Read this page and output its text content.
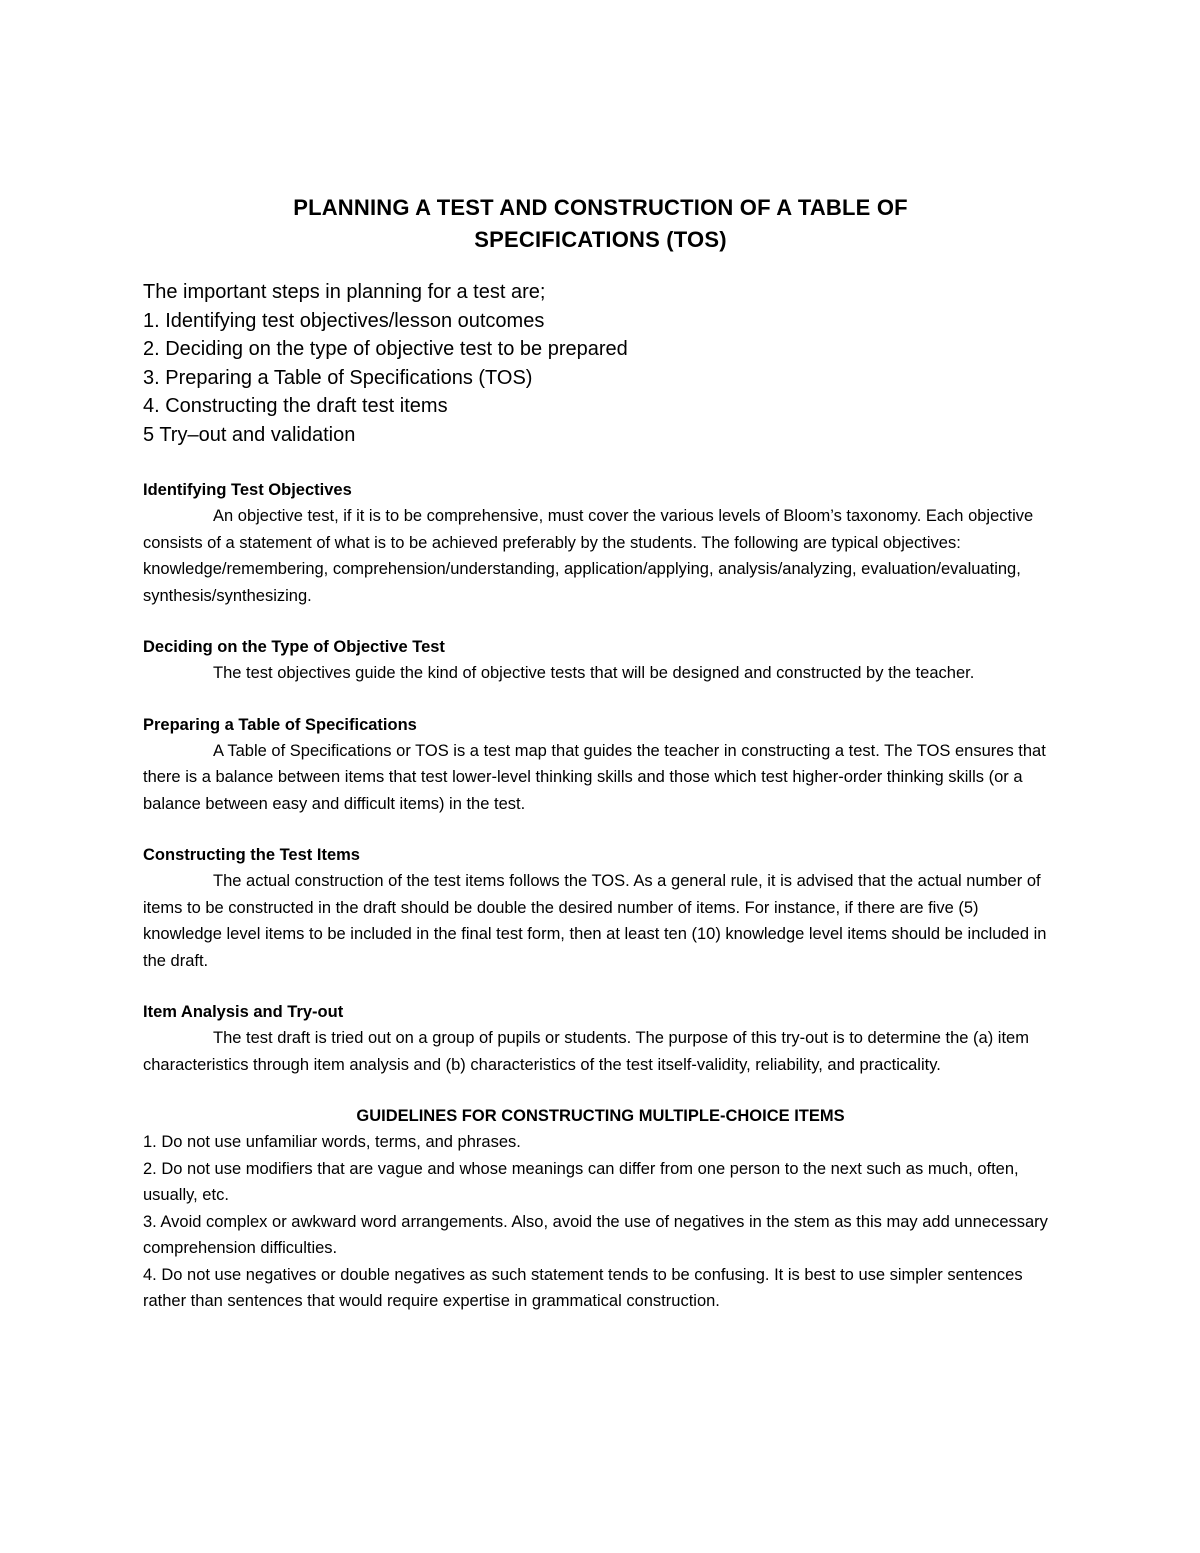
PLANNING A TEST AND CONSTRUCTION OF A TABLE OF
SPECIFICATIONS (TOS)
The important steps in planning for a test are;
1. Identifying test objectives/lesson outcomes
2. Deciding on the type of objective test to be prepared
3. Preparing a Table of Specifications (TOS)
4. Constructing the draft test items
5 Try–out and validation

Identifying Test Objectives

An objective test, if it is to be comprehensive, must cover the various levels of Bloom’s taxonomy. Each objective consists of a statement of what is to be achieved preferably by the students. The following are typical objectives: knowledge/remembering, comprehension/understanding, application/applying, analysis/analyzing, evaluation/evaluating, synthesis/synthesizing.

Deciding on the Type of Objective Test

The test objectives guide the kind of objective tests that will be designed and constructed by the teacher.

Preparing a Table of Specifications

A Table of Specifications or TOS is a test map that guides the teacher in constructing a test. The TOS ensures that there is a balance between items that test lower-level thinking skills and those which test higher-order thinking skills (or a balance between easy and difficult items) in the test.

Constructing the Test Items

The actual construction of the test items follows the TOS. As a general rule, it is advised that the actual number of items to be constructed in the draft should be double the desired number of items. For instance, if there are five (5) knowledge level items to be included in the final test form, then at least ten (10) knowledge level items should be included in the draft.

Item Analysis and Try-out

The test draft is tried out on a group of pupils or students. The purpose of this try-out is to determine the (a) item characteristics through item analysis and (b) characteristics of the test itself-validity, reliability, and practicality.

GUIDELINES FOR CONSTRUCTING MULTIPLE-CHOICE ITEMS

1. Do not use unfamiliar words, terms, and phrases.

2. Do not use modifiers that are vague and whose meanings can differ from one person to the next such as much, often, usually, etc.

3. Avoid complex or awkward word arrangements. Also, avoid the use of negatives in the stem as this may add unnecessary comprehension difficulties.

4. Do not use negatives or double negatives as such statement tends to be confusing. It is best to use simpler sentences rather than sentences that would require expertise in grammatical construction.
